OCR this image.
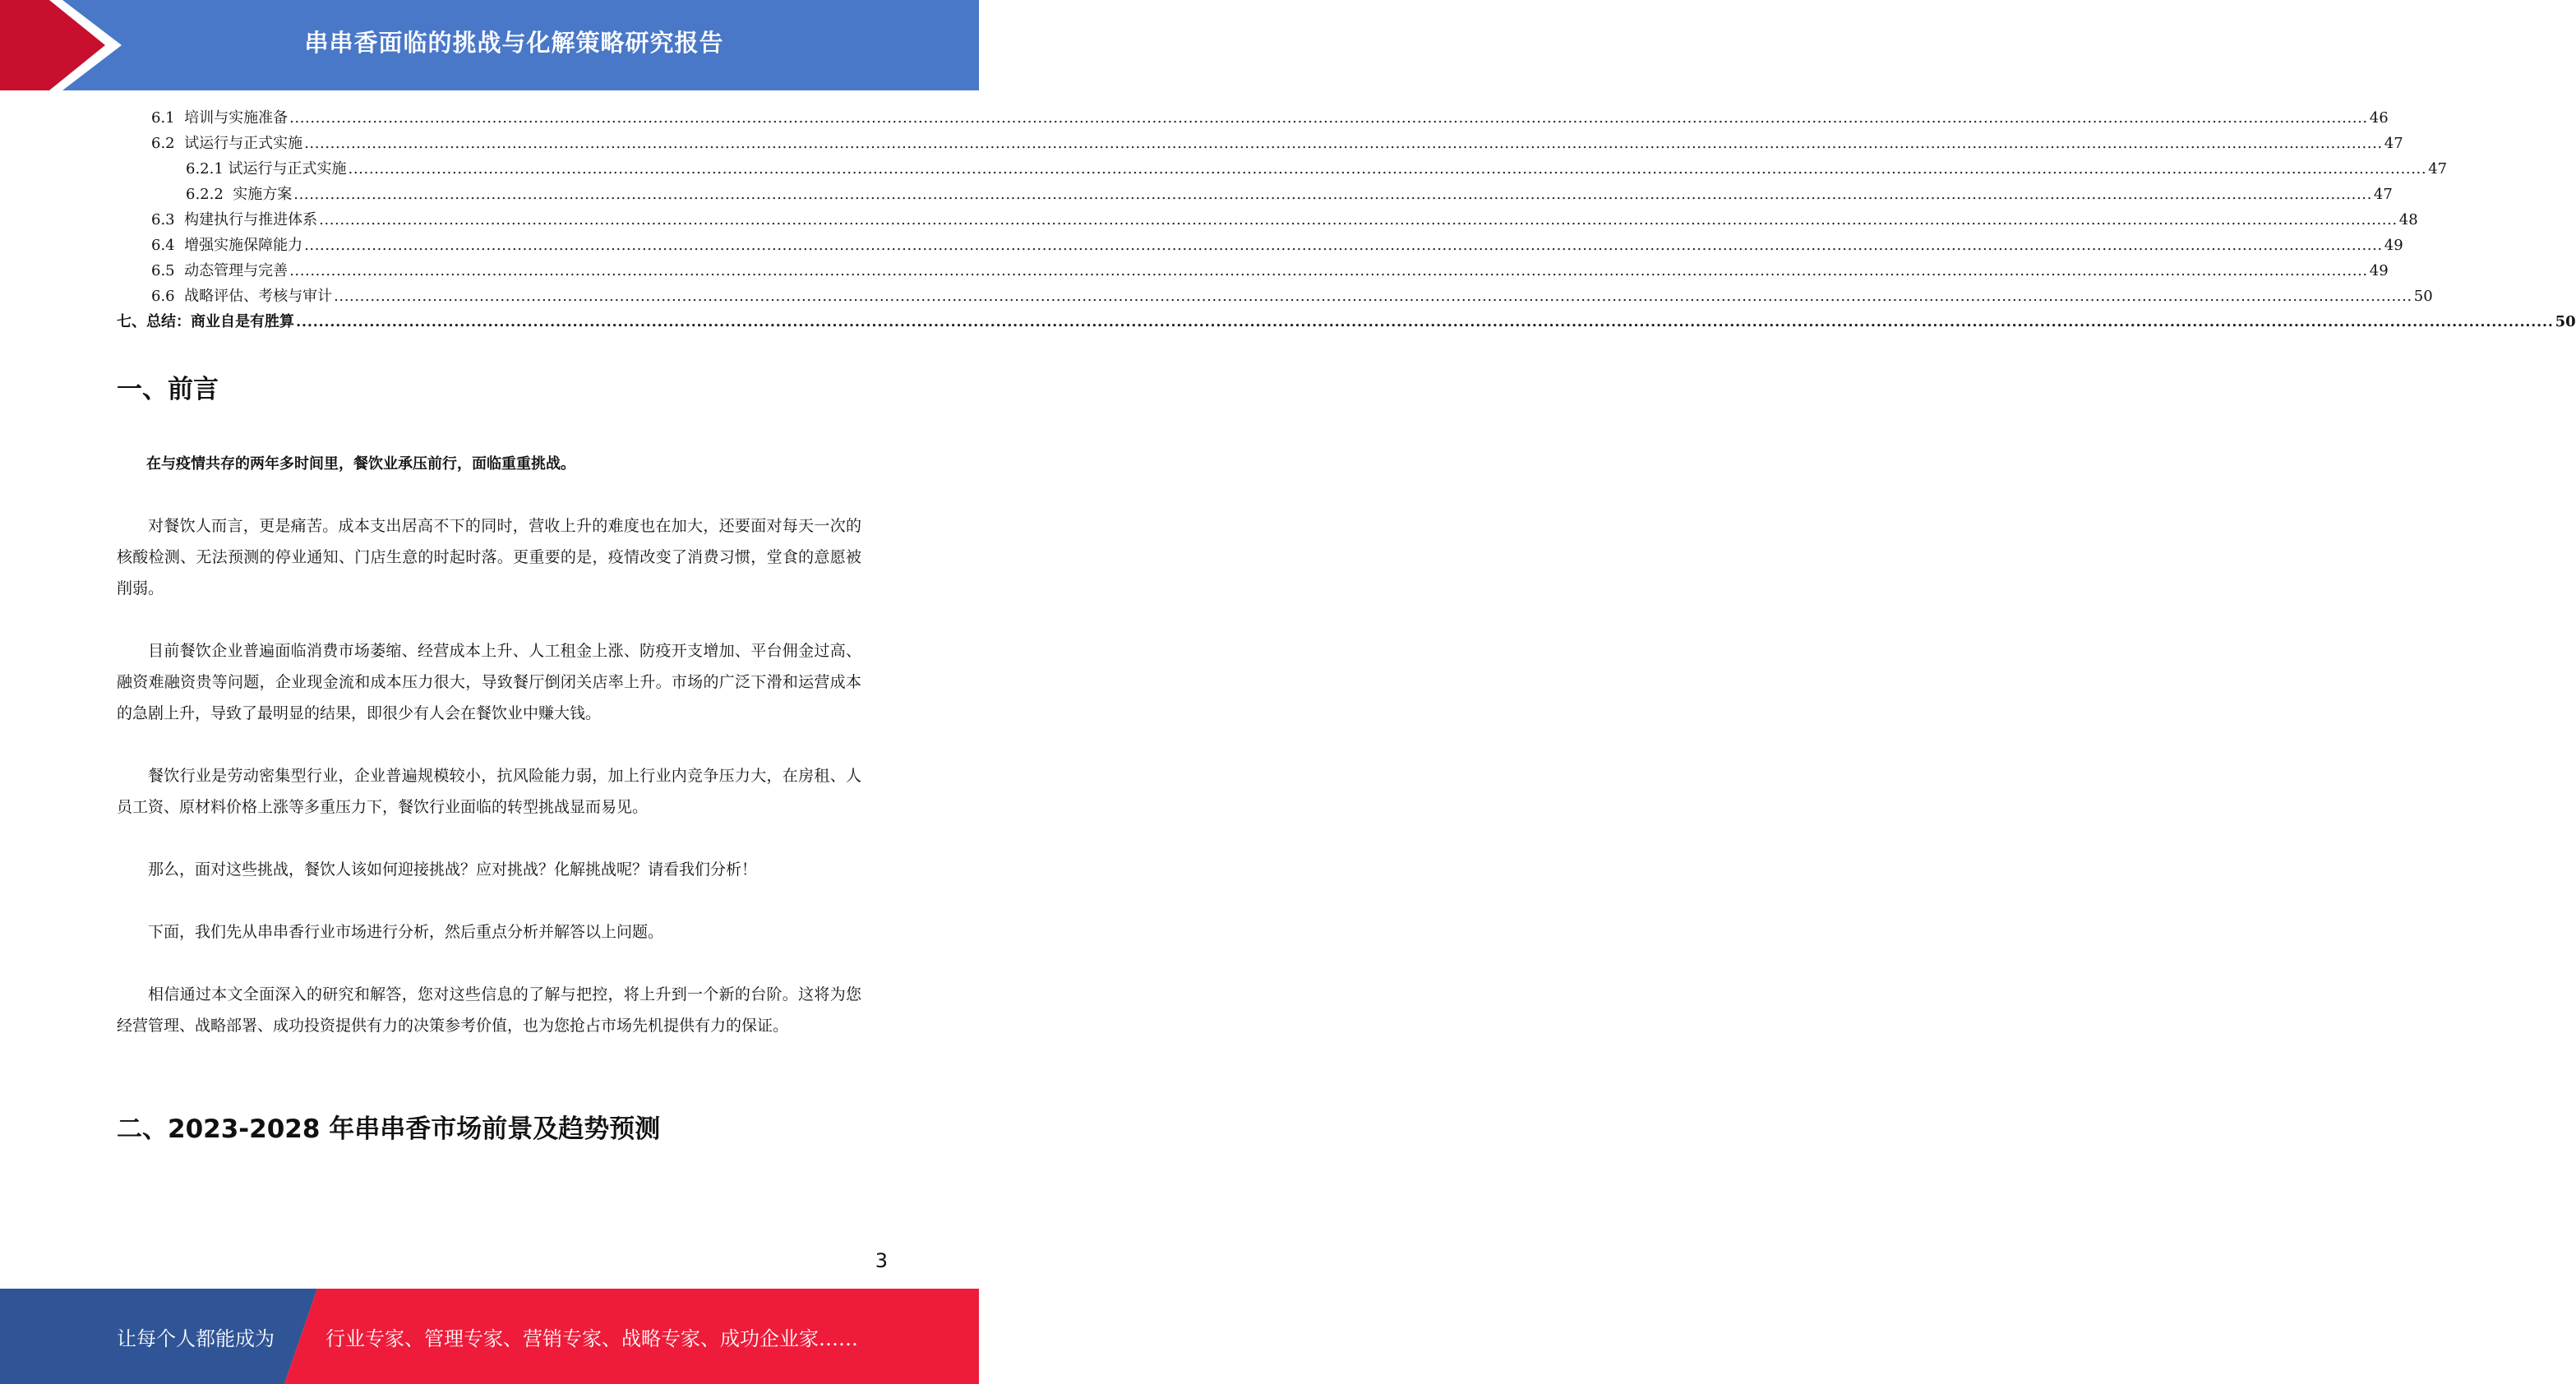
串串香面临的挑战与化解策略研究报告
6.1 培训与实施准备 ................................................................................................................................................................................................................................................................................................................................................................................................................ 46
6.2 试运行与正式实施 ................................................................................................................................................................................................................................................................................................................................................................................................................ 47
6.2.1 试运行与正式实施 ................................................................................................................................................................................................................................................................................................................................................................................................................ 47
6.2.2 实施方案 ................................................................................................................................................................................................................................................................................................................................................................................................................ 47
6.3 构建执行与推进体系 ................................................................................................................................................................................................................................................................................................................................................................................................................ 48
6.4 增强实施保障能力 ................................................................................................................................................................................................................................................................................................................................................................................................................ 49
6.5 动态管理与完善 ................................................................................................................................................................................................................................................................................................................................................................................................................ 49
6.6 战略评估、考核与审计 ................................................................................................................................................................................................................................................................................................................................................................................................................ 50
七、总结：商业自是有胜算 ................................................................................................................................................................................................................................................................................................................................................................................................................ 50
一、前言
在与疫情共存的两年多时间里，餐饮业承压前行，面临重重挑战。
对餐饮人而言，更是痛苦。成本支出居高不下的同时，营收上升的难度也在加大，还要面对每天一次的核酸检测、无法预测的停业通知、门店生意的时起时落。更重要的是，疫情改变了消费习惯，堂食的意愿被削弱。
目前餐饮企业普遍面临消费市场萎缩、经营成本上升、人工租金上涨、防疫开支增加、平台佣金过高、融资难融资贵等问题，企业现金流和成本压力很大，导致餐厅倒闭关店率上升。市场的广泛下滑和运营成本的急剧上升，导致了最明显的结果，即很少有人会在餐饮业中赚大钱。
餐饮行业是劳动密集型行业，企业普遍规模较小，抗风险能力弱，加上行业内竞争压力大，在房租、人员工资、原材料价格上涨等多重压力下，餐饮行业面临的转型挑战显而易见。
那么，面对这些挑战，餐饮人该如何迎接挑战？应对挑战？化解挑战呢？请看我们分析！
下面，我们先从串串香行业市场进行分析，然后重点分析并解答以上问题。
相信通过本文全面深入的研究和解答，您对这些信息的了解与把控，将上升到一个新的台阶。这将为您经营管理、战略部署、成功投资提供有力的决策参考价值，也为您抢占市场先机提供有力的保证。
二、2023-2028 年串串香市场前景及趋势预测
3
让每个人都能成为	行业专家、管理专家、营销专家、战略专家、成功企业家……
